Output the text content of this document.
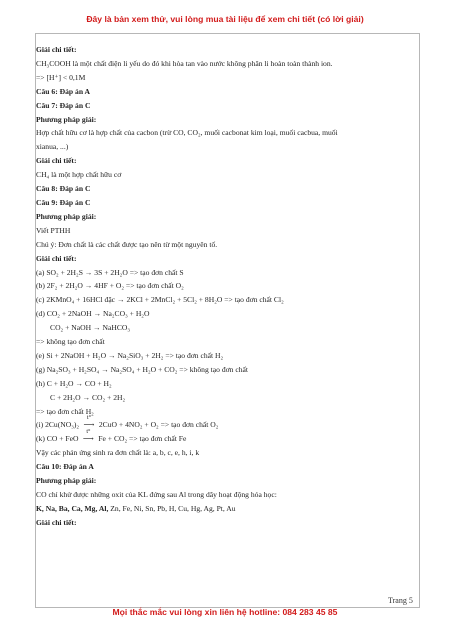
Đây là bản xem thử, vui lòng mua tài liệu để xem chi tiết (có lời giải)

Giải chi tiết:

CH₃COOH là một chất điện li yếu do đó khi hòa tan vào nước không phân li hoàn toàn thành ion.

=> [H⁺] < 0,1M

Câu 6: Đáp án A

Câu 7: Đáp án C

Phương pháp giải:

Hợp chất hữu cơ là hợp chất của cacbon (trừ CO, CO₂, muối cacbonat kim loại, muối cacbua, muối

xianua, ...)

Giải chi tiết:

CH₄ là một hợp chất hữu cơ

Câu 8: Đáp án C

Câu 9: Đáp án C

Phương pháp giải:

Viết PTHH

Chú ý: Đơn chất là các chất được tạo nên từ một nguyên tố.

Giải chi tiết:

(a) SO₂ + 2H₂S → 3S + 2H₂O => tạo đơn chất S

(b) 2F₂ + 2H₂O → 4HF + O₂ => tạo đơn chất O₂

(c) 2KMnO₄ + 16HCl đặc → 2KCl + 2MnCl₂ + 5Cl₂ + 8H₂O => tạo đơn chất Cl₂

(d) CO₂ + 2NaOH → Na₂CO₃ + H₂O

CO₂ + NaOH → NaHCO₃

=> không tạo đơn chất

(e) Si + 2NaOH + H₂O → Na₂SiO₃ + 2H₂ => tạo đơn chất H₂

(g) Na₂SO₃ + H₂SO₄ → Na₂SO₄ + H₂O + CO₂ => không tạo đơn chất

(h) C + H₂O → CO + H₂

C + 2H₂O → CO₂ + 2H₂

=> tạo đơn chất H₂

(i) 2Cu(NO₃)₂
t°
⟶ 2CuO + 4NO₂ + O₂ => tạo đơn chất O₂

(k) CO + FeO
t°
⟶ Fe + CO₂ => tạo đơn chất Fe

Vậy các phản ứng sinh ra đơn chất là: a, b, c, e, h, i, k

Câu 10: Đáp án A

Phương pháp giải:

CO chỉ khử được những oxit của KL đứng sau Al trong dãy hoạt động hóa học:

K, Na, Ba, Ca, Mg, Al, Zn, Fe, Ni, Sn, Pb, H, Cu, Hg, Ag, Pt, Au

Giải chi tiết:

Trang 5
Mọi thắc mắc vui lòng xin liên hệ hotline: 084 283 45 85
